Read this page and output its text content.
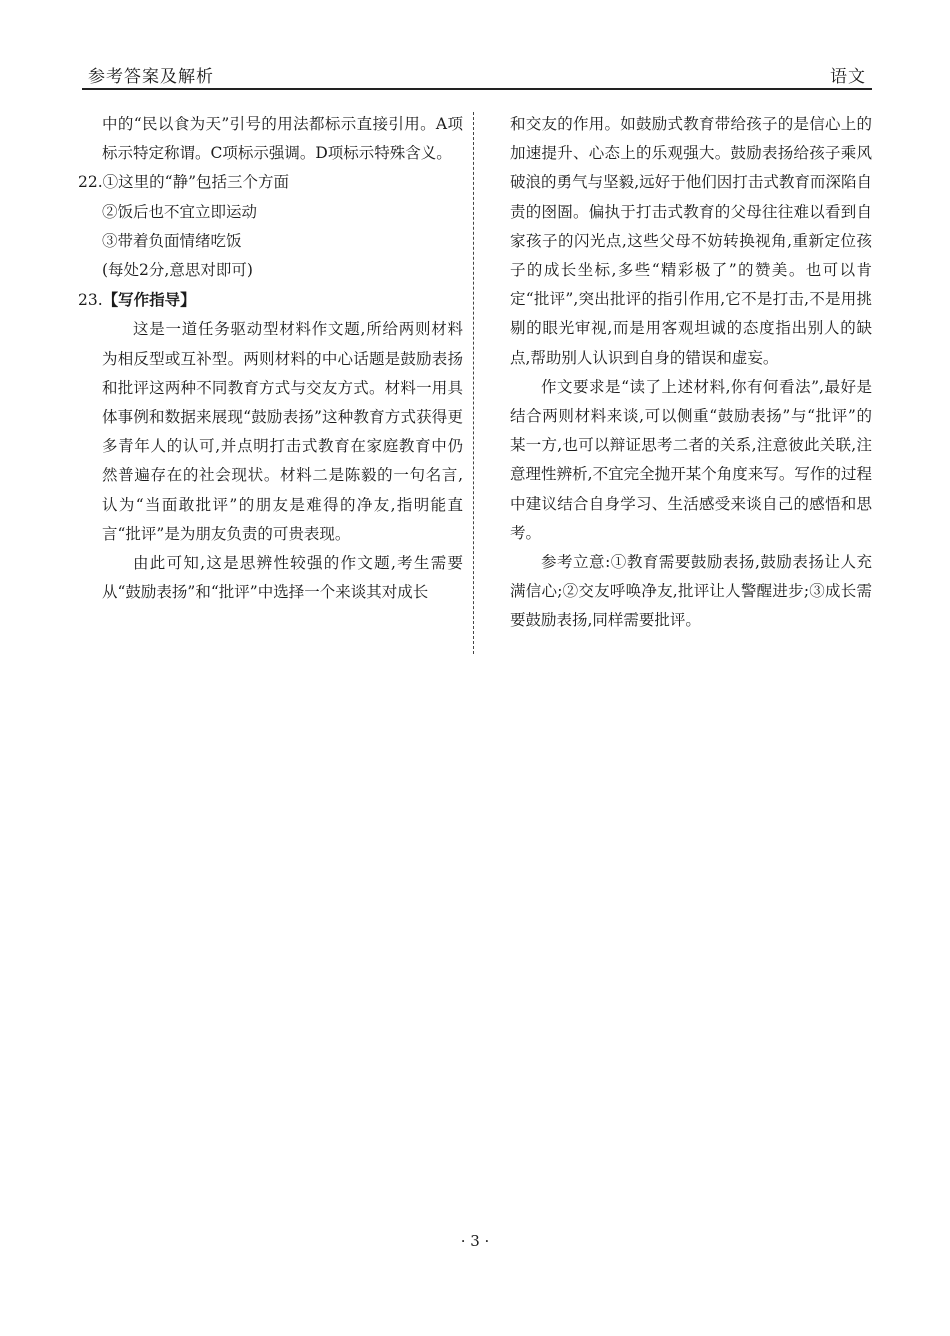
参考答案及解析	语文

中的“民以食为天”引号的用法都标示直接引用。A项标示特定称谓。C项标示强调。D项标示特殊含义。

22.①这里的“静”包括三个方面

②饭后也不宜立即运动

③带着负面情绪吃饭

(每处2分,意思对即可)

23.【写作指导】

这是一道任务驱动型材料作文题,所给两则材料为相反型或互补型。两则材料的中心话题是鼓励表扬和批评这两种不同教育方式与交友方式。材料一用具体事例和数据来展现“鼓励表扬”这种教育方式获得更多青年人的认可,并点明打击式教育在家庭教育中仍然普遍存在的社会现状。材料二是陈毅的一句名言,认为“当面敢批评”的朋友是难得的净友,指明能直言“批评”是为朋友负责的可贵表现。

由此可知,这是思辨性较强的作文题,考生需要从“鼓励表扬”和“批评”中选择一个来谈其对成长

和交友的作用。如鼓励式教育带给孩子的是信心上的加速提升、心态上的乐观强大。鼓励表扬给孩子乘风破浪的勇气与坚毅,远好于他们因打击式教育而深陷自责的囹圄。偏执于打击式教育的父母往往难以看到自家孩子的闪光点,这些父母不妨转换视角,重新定位孩子的成长坐标,多些“精彩极了”的赞美。也可以肯定“批评”,突出批评的指引作用,它不是打击,不是用挑剔的眼光审视,而是用客观坦诚的态度指出别人的缺点,帮助别人认识到自身的错误和虚妄。

作文要求是“读了上述材料,你有何看法”,最好是结合两则材料来谈,可以侧重“鼓励表扬”与“批评”的某一方,也可以辩证思考二者的关系,注意彼此关联,注意理性辨析,不宜完全抛开某个角度来写。写作的过程中建议结合自身学习、生活感受来谈自己的感悟和思考。

参考立意:①教育需要鼓励表扬,鼓励表扬让人充满信心;②交友呼唤净友,批评让人警醒进步;③成长需要鼓励表扬,同样需要批评。

· 3 ·
